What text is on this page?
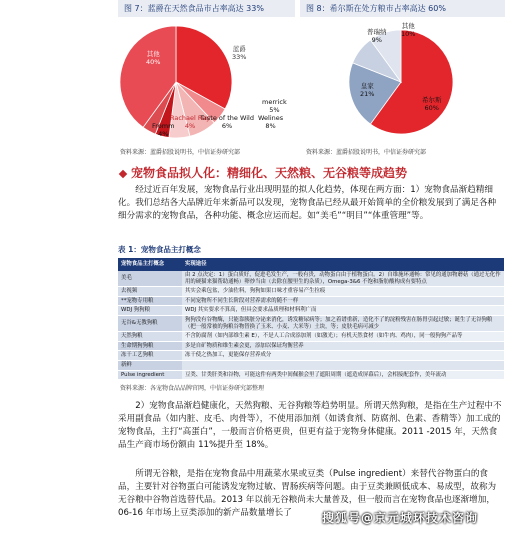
图 7：蓝爵在天然食品市占率高达 33%
其他
40%
蓝爵
33%
merrick
5%
Welines
8%
Taste of the Wild
6%
Rachael Ray
4%
Fromm
4%
资料来源：蓝爵招股说明书，中信证券研究部
图 8：希尔斯在处方粮市占率高达 60%
希尔斯
60%
皇家
21%
普瑞纳
9%
其他
10%
资料来源：蓝爵招股说明书，中信证券研究部
宠物食品拟人化：精细化、天然粮、无谷粮等成趋势
经过近百年发展，宠物食品行业出现明显的拟人化趋势，体现在两方面：1）宠物食品渐趋精细化。我们总结各大品牌近年来新品可以发现，宠物食品已经从最开始简单的全价粮发展到了满足各种细分需求的宠物食品，各种功能、概念应运而起。如“美毛”“明目”“体重管理”等。
表 1：宠物食品主打概念
宠物食品主打概念	实现途径
美毛	由 2 点决定：1）蛋白质好，促进毛发生产，一般有贵，动物蛋白由于植物蛋白。2）自维施环通畅：常见的通加物蘑菇（通过无化作用的硬猫来猫帮助通畅）卵炒当由（去除在腰里生的杂质），Omega-3&6 不饱和脂肪酸构成有要特点
去视频	其实会乘包盆，少油佐料，狗狗如果口味才重容易产生拉痕
**宠物专用粮	不同宠物所不同生长阶段对营养需求的随不一样
WDJ 狗狗粮	WDJ 其实要求不算高，但具会要求品质理和材料利广而
无谷&无教狗粮	狗狗没有谷物酶，只能靠胰脏分泌来消化，诱发糖尿病等；加之着谱重新，造化不了的淀粉残害在肠胃引起过敏；诞生了无谷狗粮（把一般常被的狗粮谷物替换了玉米、小麦、大米等）土块，等；皮肤毛病可减少
天然狗粮	不含防腐剂（如内部维生素 E），不是人工合成添加剂（如激光）；有机天然食材（如牛肉、鸡肉），同一般狗狗产品等
生命期狗狗粮	多是自矿物质和维生素会更，添加以保证均衡营养
冻干工艺狗粮	冻干使之热加工，更能保存营养成分
新鲜	
Pulse ingredient	豆类、甘类肝类和谷物，可能这件有两类中间佩猴会里了遮阳周期（遮造成屏幕后），会相接配套作，美年流动
资料来源：各宠物食品品牌官网，中信证券研究部整理
2）宠物食品渐趋健康化，天然狗粮、无谷狗粮等趋势明显。所谓天然狗粮，是指在生产过程中不采用副食品（如内脏、皮毛、肉骨等），不使用添加剂（如诱食剂、防腐剂、色素、香精等）加工成的宠物食品，主打“高蛋白”，一般而言价格更贵，但更有益于宠物身体健康。2011 -2015 年，天然食品生产商市场份额由 11%提升至 18%。
所谓无谷粮，是指在宠物食品中用蔬菜水果或豆类（Pulse ingredient）来替代谷物蛋白的食品，主要针对谷物蛋白可能诱发宠物过敏、胃肠疾病等问题。由于豆类兼顾低成本、易成型，故称为无谷粮中谷物首选替代品。2013 年以前无谷粮尚未大量普及，但一般而言在宠物食品也逐渐增加，06-16 年市场上豆类添加的新产品数量增长了	搜狐号@京元城环技术咨询
